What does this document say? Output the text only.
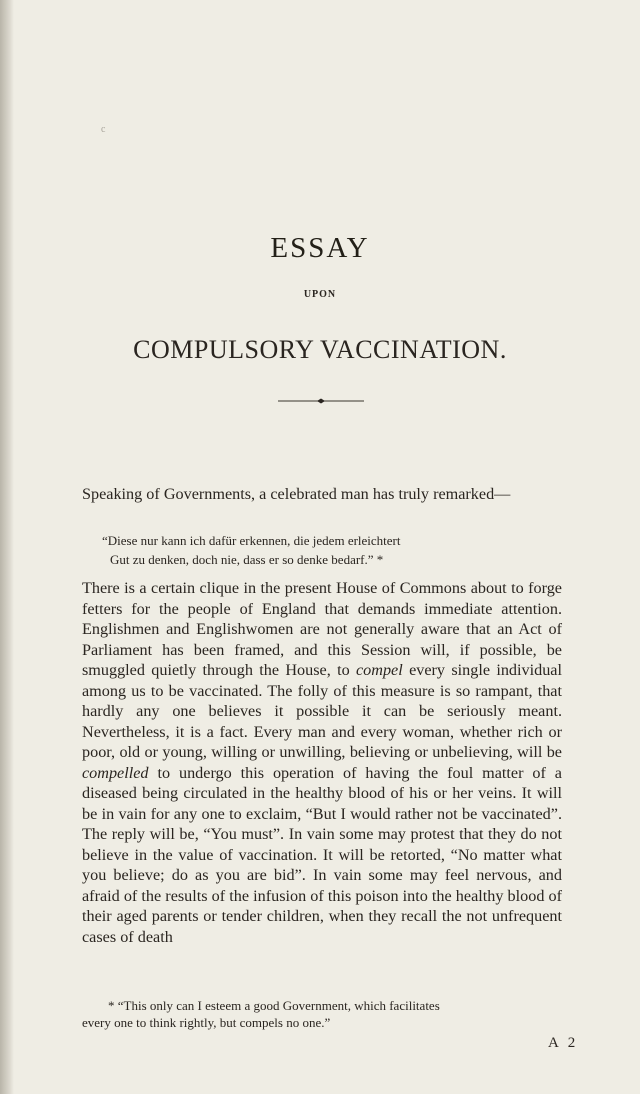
c
ESSAY
UPON
COMPULSORY VACCINATION.
Speaking of Governments, a celebrated man has truly remarked—
“Diese nur kann ich dafür erkennen, die jedem erleichtert
Gut zu denken, doch nie, dass er so denke bedarf.” *
There is a certain clique in the present House of Commons about to forge fetters for the people of England that demands immediate attention. Englishmen and Englishwomen are not generally aware that an Act of Parliament has been framed, and this Session will, if possible, be smuggled quietly through the House, to compel every single individual among us to be vaccinated. The folly of this measure is so rampant, that hardly any one believes it possible it can be seriously meant. Nevertheless, it is a fact. Every man and every woman, whether rich or poor, old or young, willing or unwilling, believing or unbelieving, will be compelled to undergo this operation of having the foul matter of a diseased being circulated in the healthy blood of his or her veins. It will be in vain for any one to exclaim, “But I would rather not be vaccinated”. The reply will be, “You must”. In vain some may protest that they do not believe in the value of vaccination. It will be retorted, “No matter what you believe; do as you are bid”. In vain some may feel nervous, and afraid of the results of the infusion of this poison into the healthy blood of their aged parents or tender children, when they recall the not unfrequent cases of death
* “This only can I esteem a good Government, which facilitates
every one to think rightly, but compels no one.”
A 2
